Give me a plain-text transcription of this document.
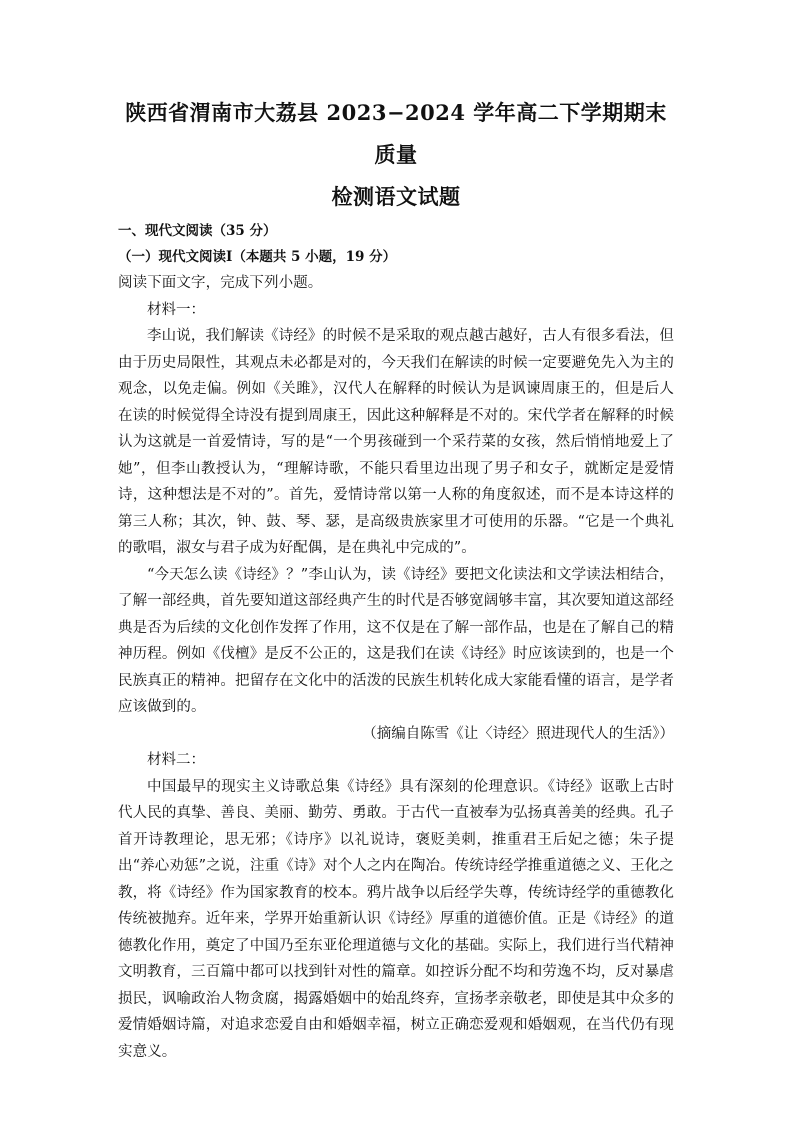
陕西省渭南市大荔县 2023−2024 学年高二下学期期末质量
检测语文试题

一、现代文阅读（35 分）

（一）现代文阅读Ⅰ（本题共 5 小题，19 分）

阅读下面文字，完成下列小题。

材料一：

李山说，我们解读《诗经》的时候不是采取的观点越古越好，古人有很多看法，但由于历史局限性，其观点未必都是对的，今天我们在解读的时候一定要避免先入为主的观念，以免走偏。例如《关雎》，汉代人在解释的时候认为是讽谏周康王的，但是后人在读的时候觉得全诗没有提到周康王，因此这种解释是不对的。宋代学者在解释的时候认为这就是一首爱情诗，写的是“一个男孩碰到一个采荇菜的女孩，然后悄悄地爱上了她”，但李山教授认为，“理解诗歌，不能只看里边出现了男子和女子，就断定是爱情诗，这种想法是不对的”。首先，爱情诗常以第一人称的角度叙述，而不是本诗这样的第三人称；其次，钟、鼓、琴、瑟，是高级贵族家里才可使用的乐器。“它是一个典礼的歌唱，淑女与君子成为好配偶，是在典礼中完成的”。

“今天怎么读《诗经》？”李山认为，读《诗经》要把文化读法和文学读法相结合，了解一部经典，首先要知道这部经典产生的时代是否够宽阔够丰富，其次要知道这部经典是否为后续的文化创作发挥了作用，这不仅是在了解一部作品，也是在了解自己的精神历程。例如《伐檀》是反不公正的，这是我们在读《诗经》时应该读到的，也是一个民族真正的精神。把留存在文化中的活泼的民族生机转化成大家能看懂的语言，是学者应该做到的。

（摘编自陈雪《让〈诗经〉照进现代人的生活》）

材料二：

中国最早的现实主义诗歌总集《诗经》具有深刻的伦理意识。《诗经》讴歌上古时代人民的真挚、善良、美丽、勤劳、勇敢。于古代一直被奉为弘扬真善美的经典。孔子首开诗教理论，思无邪；《诗序》以礼说诗，褒贬美刺，推重君王后妃之德；朱子提出“养心劝惩”之说，注重《诗》对个人之内在陶冶。传统诗经学推重道德之义、王化之教，将《诗经》作为国家教育的校本。鸦片战争以后经学失尊，传统诗经学的重德教化传统被抛弃。近年来，学界开始重新认识《诗经》厚重的道德价值。正是《诗经》的道德教化作用，奠定了中国乃至东亚伦理道德与文化的基础。实际上，我们进行当代精神文明教育，三百篇中都可以找到针对性的篇章。如控诉分配不均和劳逸不均，反对暴虐损民，讽喻政治人物贪腐，揭露婚姻中的始乱终弃，宣扬孝亲敬老，即使是其中众多的爱情婚姻诗篇，对追求恋爱自由和婚姻幸福，树立正确恋爱观和婚姻观，在当代仍有现实意义。
